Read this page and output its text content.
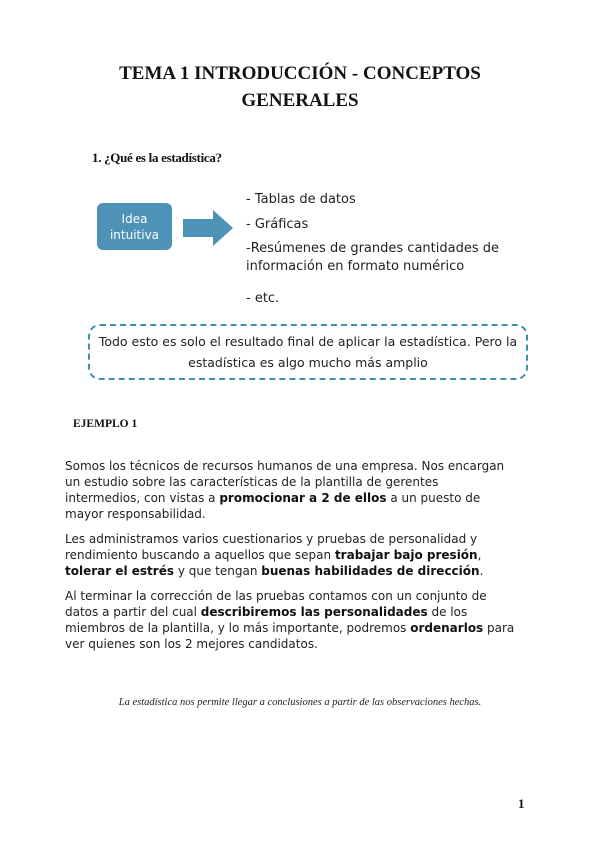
TEMA 1 INTRODUCCIÓN - CONCEPTOS GENERALES
1. ¿Qué es la estadística?
Idea intuitiva
- Tablas de datos
- Gráficas
-Resúmenes de grandes cantidades de información en formato numérico
- etc.
Todo esto es solo el resultado final de aplicar la estadística. Pero la estadística es algo mucho más amplio
EJEMPLO 1

Somos los técnicos de recursos humanos de una empresa. Nos encargan un estudio sobre las características de la plantilla de gerentes intermedios, con vistas a promocionar a 2 de ellos a un puesto de mayor responsabilidad.

Les administramos varios cuestionarios y pruebas de personalidad y rendimiento buscando a aquellos que sepan trabajar bajo presión, tolerar el estrés y que tengan buenas habilidades de dirección.

Al terminar la corrección de las pruebas contamos con un conjunto de datos a partir del cual describiremos las personalidades de los miembros de la plantilla, y lo más importante, podremos ordenarlos para ver quienes son los 2 mejores candidatos.

La estadística nos permite llegar a conclusiones a partir de las observaciones hechas.
1
